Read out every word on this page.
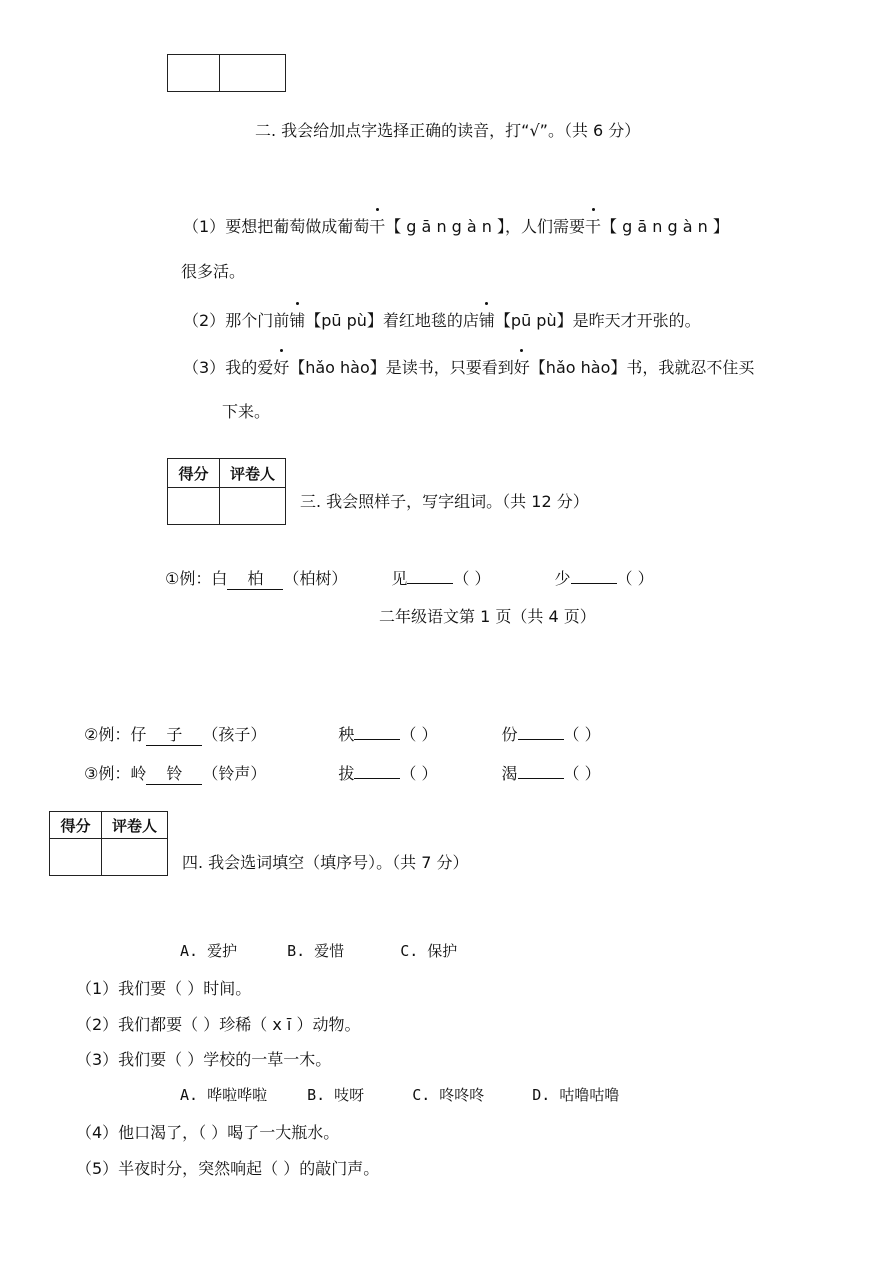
二. 我会给加点字选择正确的读音，打“√”。（共 6 分）
（1）要想把葡萄做成葡萄干【 g ā n g à n 】，人们需要干【 g ā n g à n 】
很多活。
（2）那个门前铺【pū pù】着红地毯的店铺【pū pù】是昨天才开张的。
（3）我的爱好【hǎo hào】是读书，只要看到好【hǎo hào】书，我就忍不住买
下来。
得分	评卷人

三. 我会照样子，写字组词。（共 12 分）
①例：白 柏 （柏树）	见	（ ）	少	（ ）
二年级语文第 1 页（共 4 页）
②例：仔 子 （孩子）	秧	（ ）	份	（ ）
③例：岭 铃 （铃声）	拔	（ ）	渴	（ ）
得分	评卷人

四. 我会选词填空（填序号）。（共 7 分）
A. 爱护	B. 爱惜	C. 保护
（1）我们要（ ）时间。
（2）我们都要（ ）珍稀（ x ī ）动物。
（3）我们要（ ）学校的一草一木。
A. 哗啦哗啦	B. 吱呀	C. 咚咚咚	D. 咕噜咕噜
（4）他口渴了，（ ）喝了一大瓶水。
（5）半夜时分，突然响起（ ）的敲门声。
